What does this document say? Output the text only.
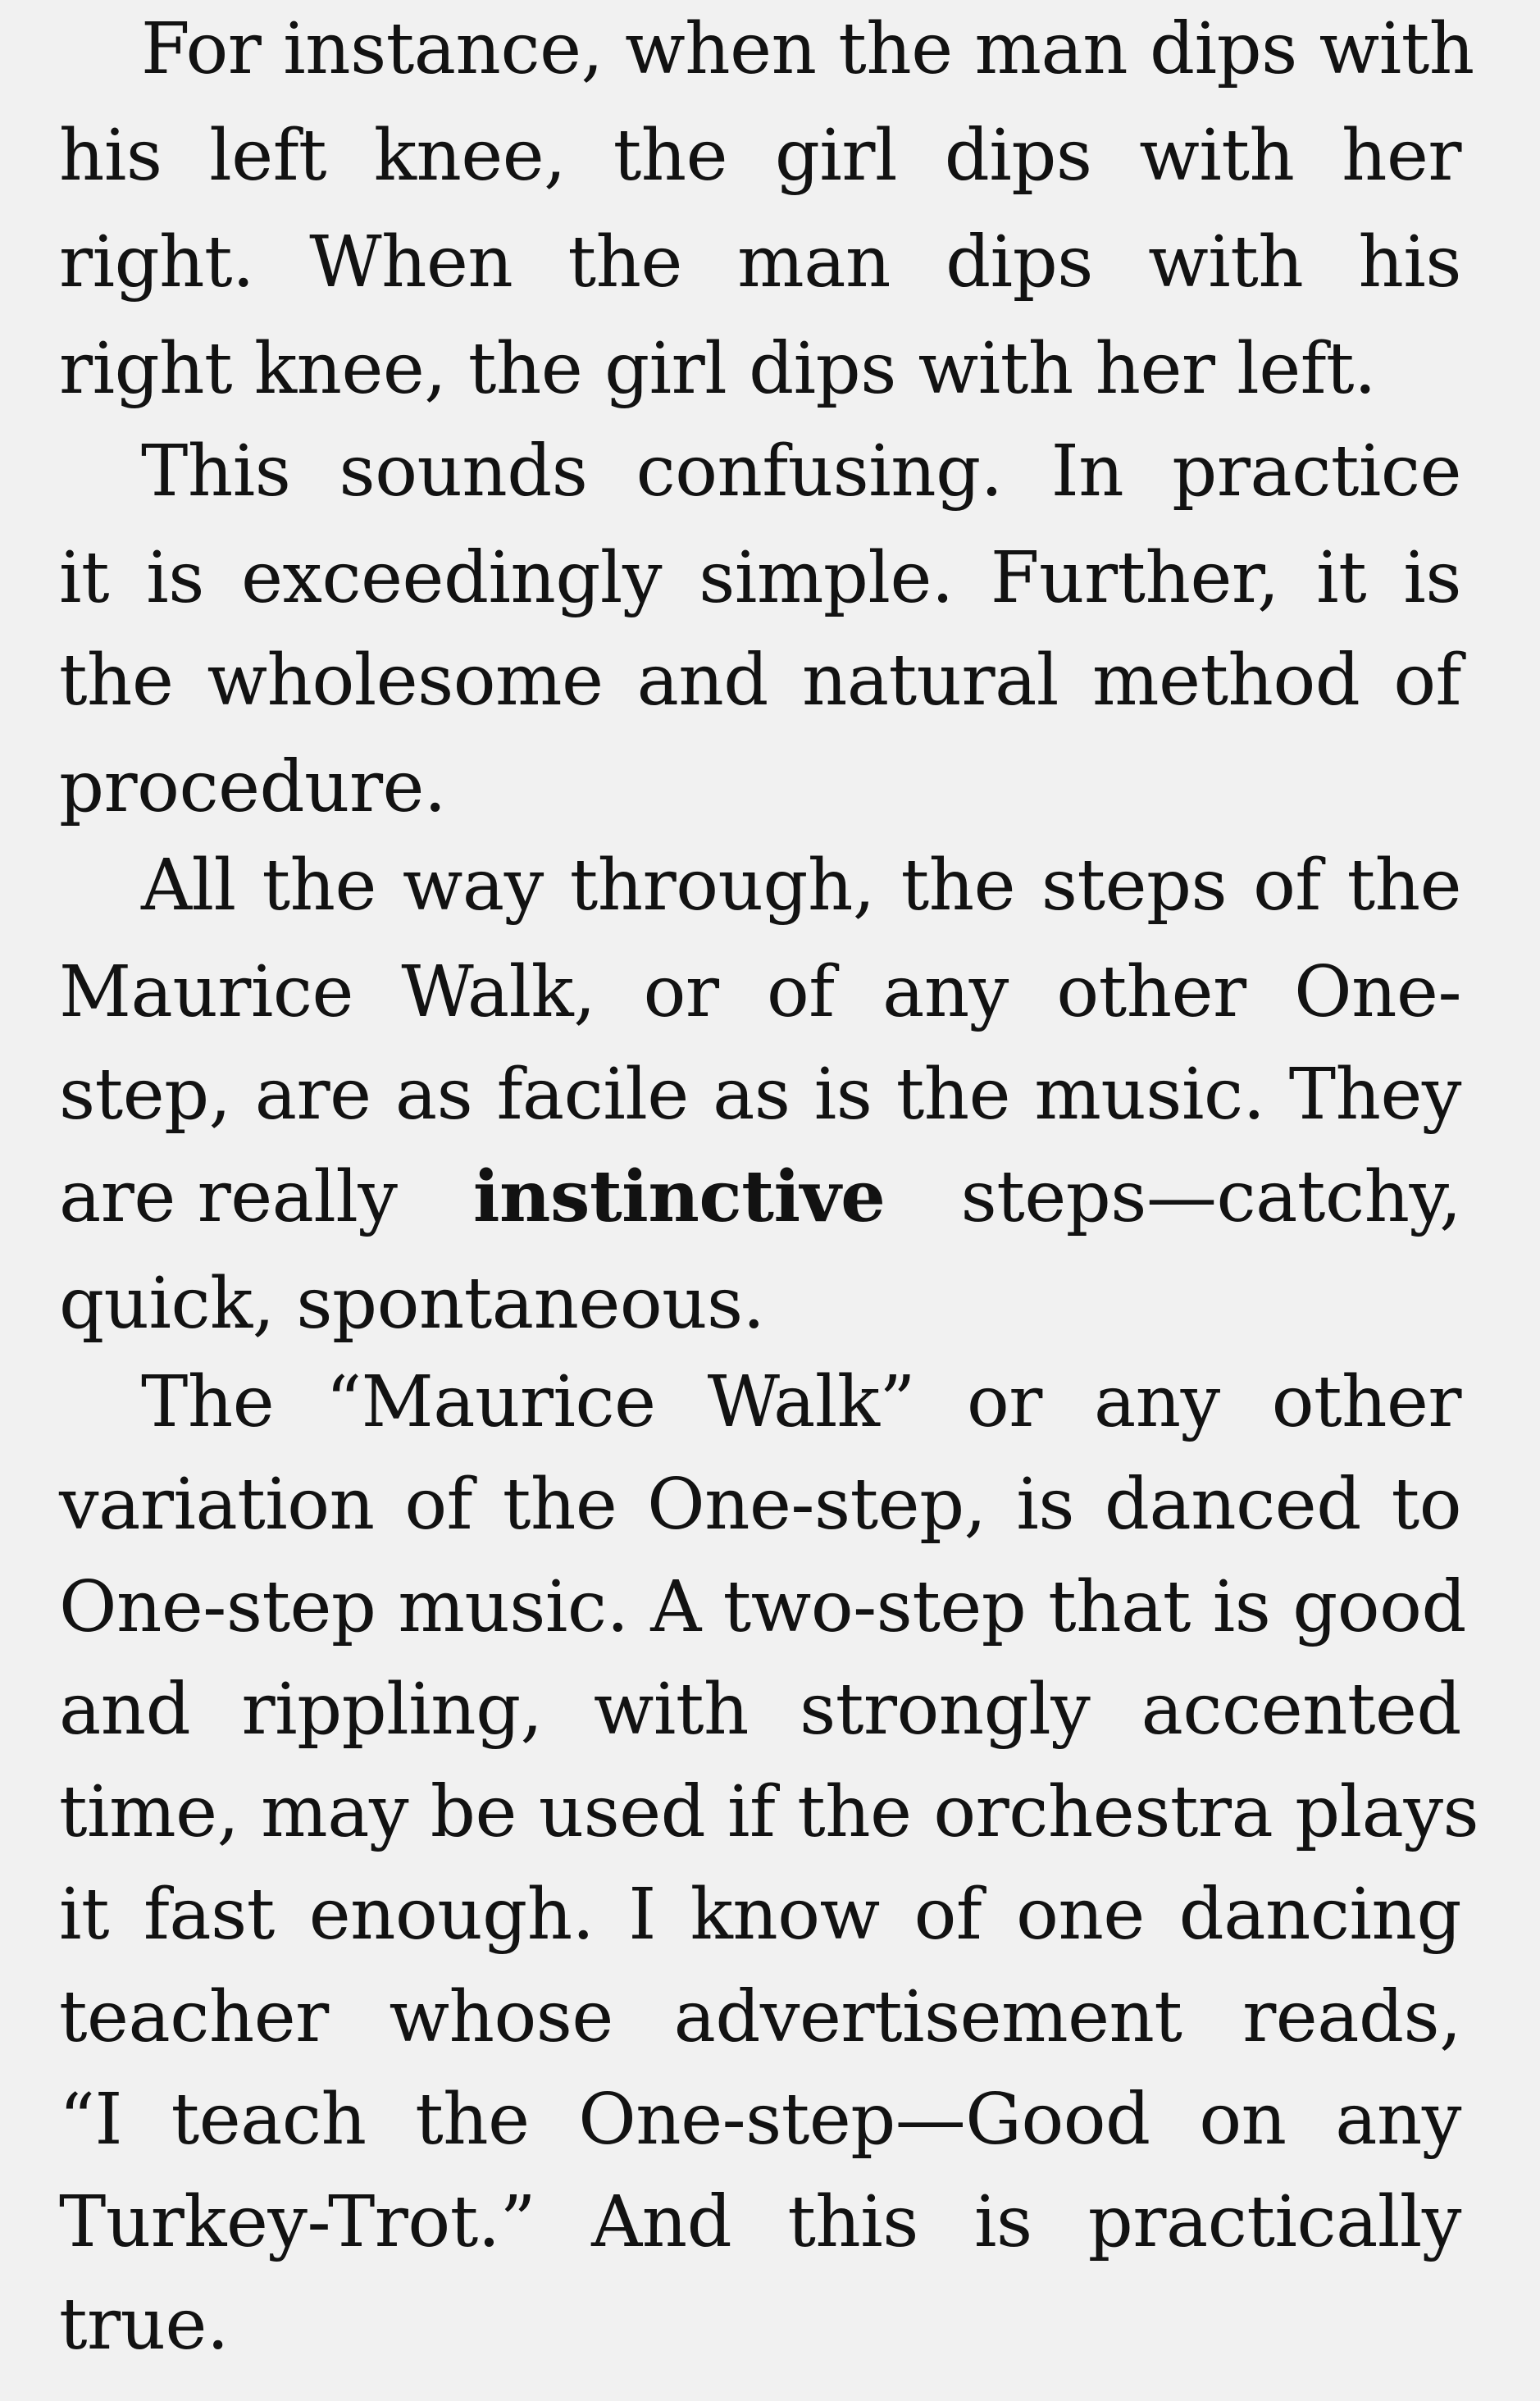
For instance, when the man dips with
his left knee, the girl dips with her
right. When the man dips with his
right knee, the girl dips with her left.
This sounds confusing. In practice
it is exceedingly simple. Further, it is
the wholesome and natural method of
procedure.
All the way through, the steps of the
Maurice Walk, or of any other One-
step, are as facile as is the music. They
are really instinctive steps—catchy,
quick, spontaneous.
The “Maurice Walk” or any other
variation of the One-step, is danced to
One-step music. A two-step that is good
and rippling, with strongly accented
time, may be used if the orchestra plays
it fast enough. I know of one dancing
teacher whose advertisement reads,
“I teach the One-step—Good on any
Turkey-Trot.” And this is practically
true.
